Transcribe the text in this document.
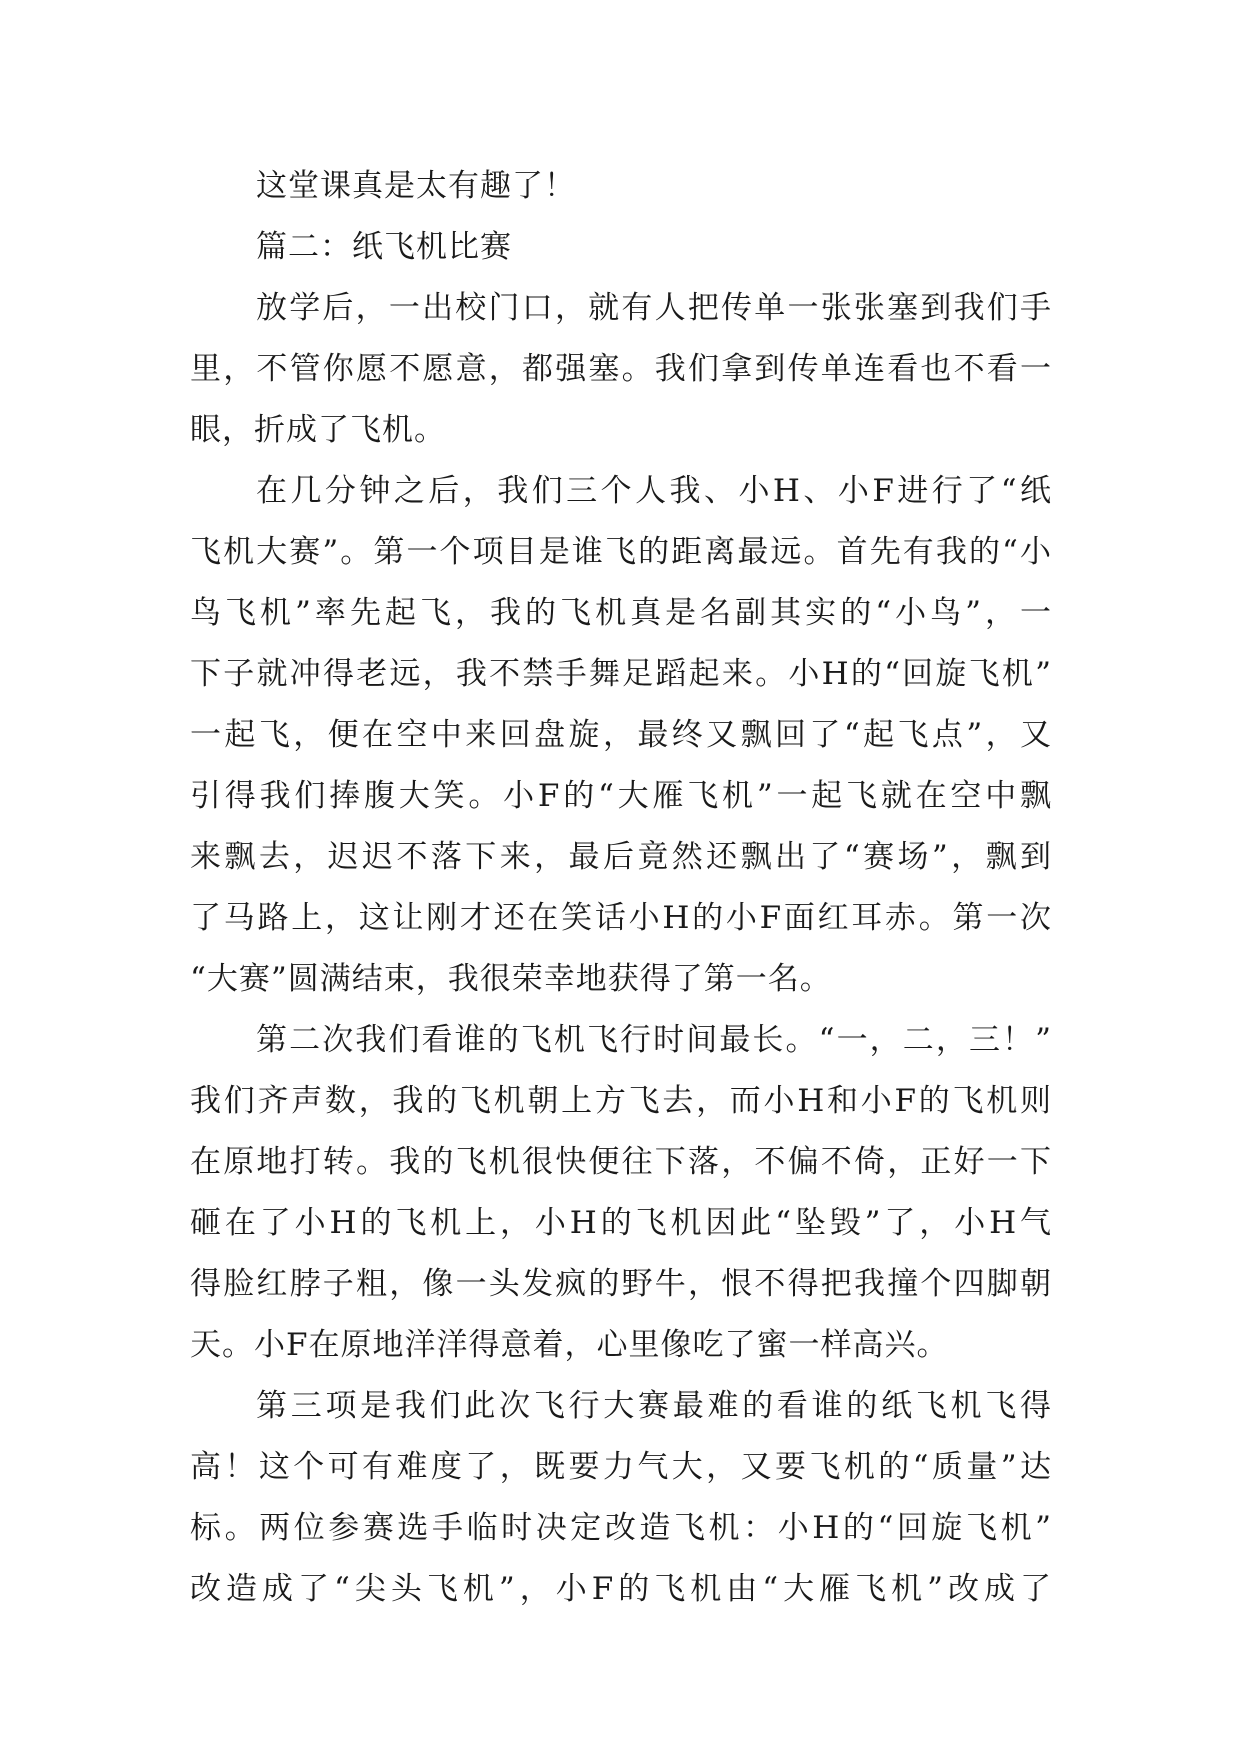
这堂课真是太有趣了！
篇二：纸飞机比赛
放学后，一出校门口，就有人把传单一张张塞到我们手
里，不管你愿不愿意，都强塞。我们拿到传单连看也不看一
眼，折成了飞机。
在几分钟之后，我们三个人我、小H、小F进行了“纸
飞机大赛”。第一个项目是谁飞的距离最远。首先有我的“小
鸟飞机”率先起飞，我的飞机真是名副其实的“小鸟”，一
下子就冲得老远，我不禁手舞足蹈起来。小H的“回旋飞机”
一起飞，便在空中来回盘旋，最终又飘回了“起飞点”，又
引得我们捧腹大笑。小F的“大雁飞机”一起飞就在空中飘
来飘去，迟迟不落下来，最后竟然还飘出了“赛场”，飘到
了马路上，这让刚才还在笑话小H的小F面红耳赤。第一次
“大赛”圆满结束，我很荣幸地获得了第一名。
第二次我们看谁的飞机飞行时间最长。“一，二，三！”
我们齐声数，我的飞机朝上方飞去，而小H和小F的飞机则
在原地打转。我的飞机很快便往下落，不偏不倚，正好一下
砸在了小H的飞机上，小H的飞机因此“坠毁”了，小H气
得脸红脖子粗，像一头发疯的野牛，恨不得把我撞个四脚朝
天。小F在原地洋洋得意着，心里像吃了蜜一样高兴。
第三项是我们此次飞行大赛最难的看谁的纸飞机飞得
高！这个可有难度了，既要力气大，又要飞机的“质量”达
标。两位参赛选手临时决定改造飞机：小H的“回旋飞机”
改造成了“尖头飞机”，小F的飞机由“大雁飞机”改成了
